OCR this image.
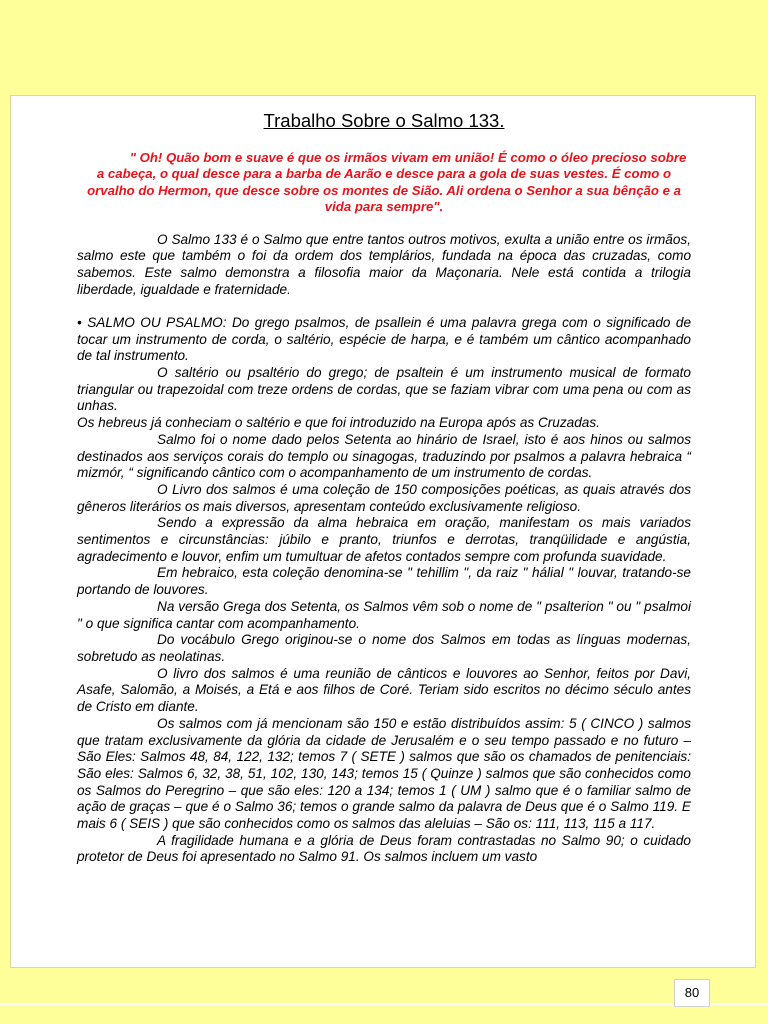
Trabalho Sobre o Salmo 133.
" Oh! Quão bom e suave é que os irmãos vivam em união! É como o óleo precioso sobre a cabeça, o qual desce para a barba de Aarão e desce para a gola de suas vestes. É como o orvalho do Hermon, que desce sobre os montes de Sião. Ali ordena o Senhor a sua bênção e a vida para sempre".

O Salmo 133 é o Salmo que entre tantos outros motivos, exulta a união entre os irmãos, salmo este que também o foi da ordem dos templários, fundada na época das cruzadas, como sabemos. Este salmo demonstra a filosofia maior da Maçonaria. Nele está contida a trilogia liberdade, igualdade e fraternidade.

• SALMO OU PSALMO: Do grego psalmos, de psallein é uma palavra grega com o significado de tocar um instrumento de corda, o saltério, espécie de harpa, e é também um cântico acompanhado de tal instrumento.

O saltério ou psaltério do grego; de psaltein é um instrumento musical de formato triangular ou trapezoidal com treze ordens de cordas, que se faziam vibrar com uma pena ou com as unhas.

Os hebreus já conheciam o saltério e que foi introduzido na Europa após as Cruzadas.

Salmo foi o nome dado pelos Setenta ao hinário de Israel, isto é aos hinos ou salmos destinados aos serviços corais do templo ou sinagogas, traduzindo por psalmos a palavra hebraica “ mizmór, “ significando cântico com o acompanhamento de um instrumento de cordas.

O Livro dos salmos é uma coleção de 150 composições poéticas, as quais através dos gêneros literários os mais diversos, apresentam conteúdo exclusivamente religioso.

Sendo a expressão da alma hebraica em oração, manifestam os mais variados sentimentos e circunstâncias: júbilo e pranto, triunfos e derrotas, tranqüilidade e angústia, agradecimento e louvor, enfim um tumultuar de afetos contados sempre com profunda suavidade.

Em hebraico, esta coleção denomina-se " tehillim ", da raiz " hálial " louvar, tratando-se portando de louvores.

Na versão Grega dos Setenta, os Salmos vêm sob o nome de " psalterion " ou " psalmoi " o que significa cantar com acompanhamento.

Do vocábulo Grego originou-se o nome dos Salmos em todas as línguas modernas, sobretudo as neolatinas.

O livro dos salmos é uma reunião de cânticos e louvores ao Senhor, feitos por Davi, Asafe, Salomão, a Moisés, a Etá e aos filhos de Coré. Teriam sido escritos no décimo século antes de Cristo em diante.

Os salmos com já mencionam são 150 e estão distribuídos assim: 5 ( CINCO ) salmos que tratam exclusivamente da glória da cidade de Jerusalém e o seu tempo passado e no futuro – São Eles: Salmos 48, 84, 122, 132; temos 7 ( SETE ) salmos que são os chamados de penitenciais: São eles: Salmos 6, 32, 38, 51, 102, 130, 143; temos 15 ( Quinze ) salmos que são conhecidos como os Salmos do Peregrino – que são eles: 120 a 134; temos 1 ( UM ) salmo que é o familiar salmo de ação de graças – que é o Salmo 36; temos o grande salmo da palavra de Deus que é o Salmo 119. E mais 6 ( SEIS ) que são conhecidos como os salmos das aleluias – São os: 111, 113, 115 a 117.

A fragilidade humana e a glória de Deus foram contrastadas no Salmo 90; o cuidado protetor de Deus foi apresentado no Salmo 91. Os salmos incluem um vasto

80
